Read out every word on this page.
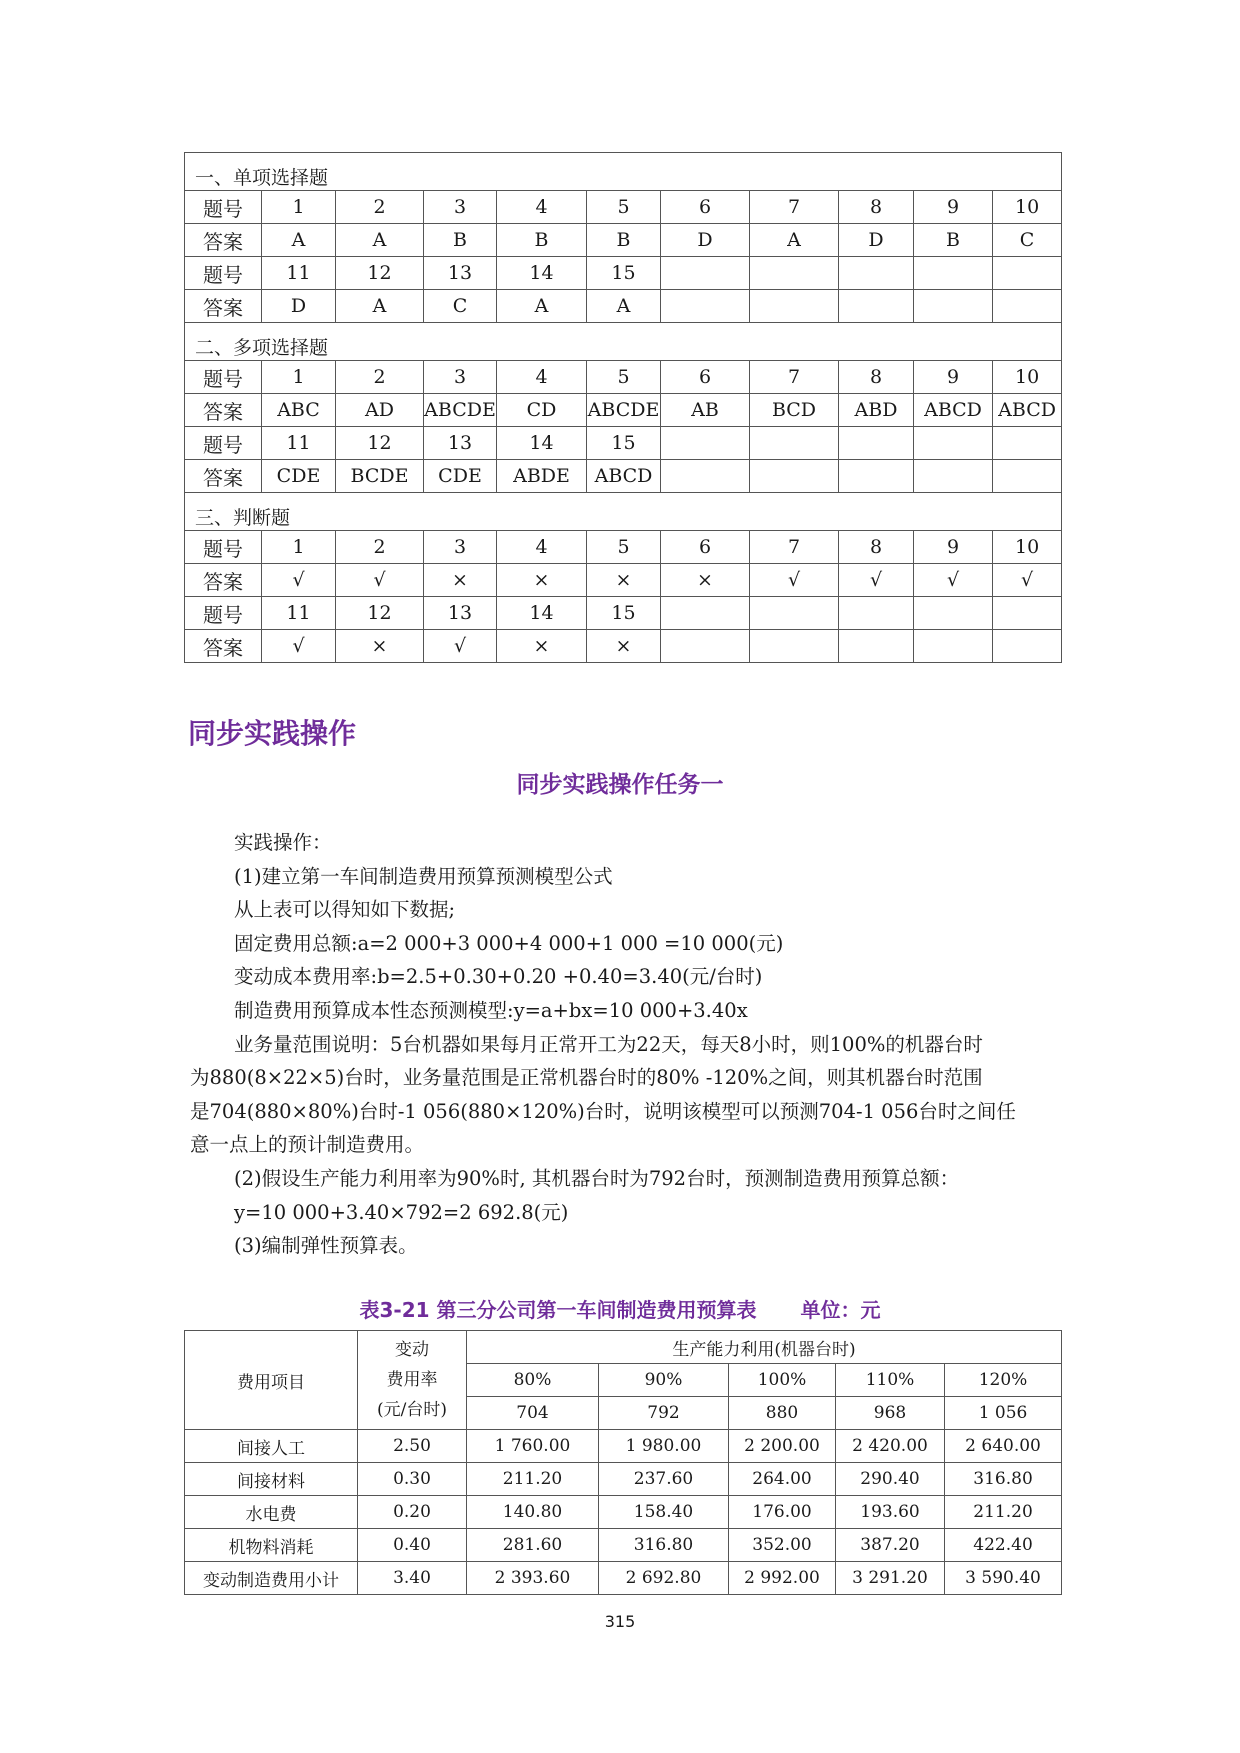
一、单项选择题										
题号	1	2	3	4	5	6	7	8	9	10
答案	A	A	B	B	B	D	A	D	B	C
题号	11	12	13	14	15					
答案	D	A	C	A	A					
二、多项选择题										
题号	1	2	3	4	5	6	7	8	9	10
答案	ABC	AD	ABCDE	CD	ABCDE	AB	BCD	ABD	ABCD	ABCD
题号	11	12	13	14	15					
答案	CDE	BCDE	CDE	ABDE	ABCD					
三、判断题										
题号	1	2	3	4	5	6	7	8	9	10
答案	√	√	×	×	×	×	√	√	√	√
题号	11	12	13	14	15					
答案	√	×	√	×	×					
同步实践操作
同步实践操作任务一

实践操作：

(1)建立第一车间制造费用预算预测模型公式

从上表可以得知如下数据;

固定费用总额:a=2 000+3 000+4 000+1 000 =10 000(元)

变动成本费用率:b=2.5+0.30+0.20 +0.40=3.40(元/台时)

制造费用预算成本性态预测模型:y=a+bx=10 000+3.40x

业务量范围说明：5台机器如果每月正常开工为22天，每天8小时，则100%的机器台时

为880(8×22×5)台时，业务量范围是正常机器台时的80% -120%之间，则其机器台时范围

是704(880×80%)台时-1 056(880×120%)台时，说明该模型可以预测704-1 056台时之间任

意一点上的预计制造费用。

(2)假设生产能力利用率为90%时, 其机器台时为792台时，预测制造费用预算总额：

y=10 000+3.40×792=2 692.8(元)

(3)编制弹性预算表。

表3-21 第三分公司第一车间制造费用预算表 单位：元
费用项目	变动
费用率
(元/台时)	生产能力利用(机器台时)				
		80%	90%	100%	110%	120%
		704	792	880	968	1 056
间接人工	2.50	1 760.00	1 980.00	2 200.00	2 420.00	2 640.00
间接材料	0.30	211.20	237.60	264.00	290.40	316.80
水电费	0.20	140.80	158.40	176.00	193.60	211.20
机物料消耗	0.40	281.60	316.80	352.00	387.20	422.40
变动制造费用小计	3.40	2 393.60	2 692.80	2 992.00	3 291.20	3 590.40
315
